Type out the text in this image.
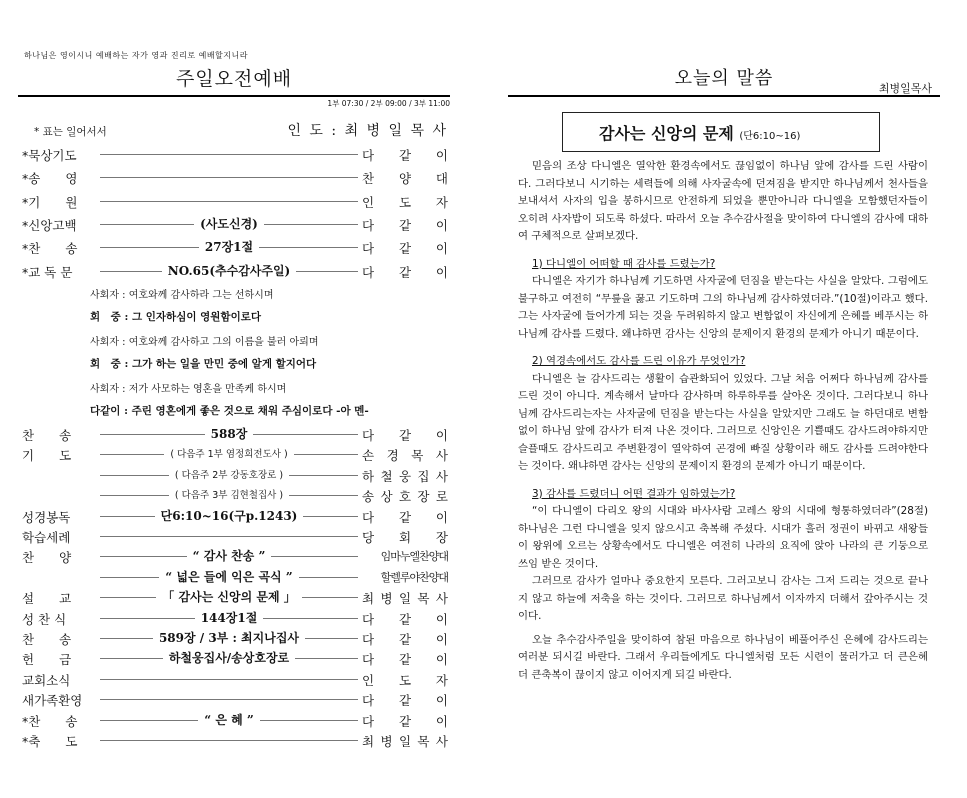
하나님은 영이시니 예배하는 자가 영과 진리로 예배할지니라
주일오전예배
1부 07:30 / 2부 09:00 / 3부 11:00
* 표는 일어서서	인 도 : 최 병 일 목 사
*묵상기도	다 같 이
*송　　영	찬 양 대
*기　　원	인 도 자
*신앙고백	(사도신경)	다 같 이
*찬　　송	27장1절	다 같 이
*교 독 문	NO.65(추수감사주일)	다 같 이
사회자 : 여호와께 감사하라 그는 선하시며
회　중 : 그 인자하심이 영원함이로다
사회자 : 여호와께 감사하고 그의 이름을 불러 아뢰며
회　중 : 그가 하는 일을 만민 중에 알게 할지어다
사회자 : 저가 사모하는 영혼을 만족케 하시며
다같이 : 주린 영혼에게 좋은 것으로 채워 주심이로다 -아 멘-
찬　　송	588장	다 같 이
기　　도	( 다음주 1부 염정희전도사 )	손 경 목 사
( 다음주 2부 강동호장로 )	하 철 웅 집 사
( 다음주 3부 김현철집사 )	송 상 호 장 로
성경봉독	단6:10~16(구p.1243)	다 같 이
학습세례	당 회 장
찬　　양	“ 감사 찬송 ”	임마누엘찬양대
“ 넓은 들에 익은 곡식 ”	할렐루야찬양대
설　　교	「 감사는 신앙의 문제 」	최 병 일 목 사
성 찬 식	144장1절	다 같 이
찬　　송	589장 / 3부 : 최지나집사	다 같 이
헌　　금	하철웅집사/송상호장로	다 같 이
교회소식	인 도 자
새가족환영	다 같 이
*찬　　송	“ 은 혜 ”	다 같 이
*축　　도	최 병 일 목 사
오늘의 말씀	최병일목사
감사는 신앙의 문제 (단6:10~16)

믿음의 조상 다니엘은 열악한 환경속에서도 끊임없이 하나님 앞에 감사를 드린 사람이다. 그러다보니 시기하는 세력들에 의해 사자굴속에 던져짐을 받지만 하나님께서 천사들을 보내셔서 사자의 입을 봉하시므로 안전하게 되었을 뿐만아니라 다니엘을 모함했던자들이 오히려 사자밥이 되도록 하셨다. 따라서 오늘 추수감사절을 맞이하여 다니엘의 감사에 대하여 구체적으로 살펴보겠다.

1) 다니엘이 어떠할 때 감사를 드렸는가?

다니엘은 자기가 하나님께 기도하면 사자굴에 던짐을 받는다는 사실을 알았다. 그럼에도 불구하고 여전히 “무릎을 꿇고 기도하며 그의 하나님께 감사하였더라.”(10절)이라고 했다. 그는 사자굴에 들어가게 되는 것을 두려워하지 않고 변함없이 자신에게 은혜를 베푸시는 하나님께 감사를 드렸다. 왜냐하면 감사는 신앙의 문제이지 환경의 문제가 아니기 때문이다.

2) 역경속에서도 감사를 드린 이유가 무엇인가?

다니엘은 늘 감사드리는 생활이 습관화되어 있었다. 그날 처음 어쩌다 하나님께 감사를 드린 것이 아니다. 계속해서 날마다 감사하며 하루하루를 살아온 것이다. 그러다보니 하나님께 감사드리는자는 사자굴에 던짐을 받는다는 사실을 알았지만 그래도 늘 하던대로 변함없이 하나님 앞에 감사가 터져 나온 것이다. 그러므로 신앙인은 기쁠때도 감사드려야하지만 슬플때도 감사드리고 주변환경이 열악하여 곤경에 빠질 상황이라 해도 감사를 드려야한다는 것이다. 왜냐하면 감사는 신앙의 문제이지 환경의 문제가 아니기 때문이다.

3) 감사를 드렸더니 어떤 결과가 임하였는가?

“이 다니엘이 다리오 왕의 시대와 바사사람 고레스 왕의 시대에 형통하였더라”(28절) 하나님은 그런 다니엘을 잊지 않으시고 축복해 주셨다. 시대가 흘러 정권이 바뀌고 새왕들이 왕위에 오르는 상황속에서도 다니엘은 여전히 나라의 요직에 앉아 나라의 큰 기둥으로 쓰임 받은 것이다.

그러므로 감사가 얼마나 중요한지 모른다. 그러고보니 감사는 그저 드리는 것으로 끝나지 않고 하늘에 저축을 하는 것이다. 그러므로 하나님께서 이자까지 더해서 갚아주시는 것이다.

오늘 추수감사주일을 맞이하여 참된 마음으로 하나님이 베풀어주신 은혜에 감사드리는 여러분 되시길 바란다. 그래서 우리들에게도 다니엘처럼 모든 시련이 물러가고 더 큰은혜 더 큰축복이 끊이지 않고 이어지게 되길 바란다.
